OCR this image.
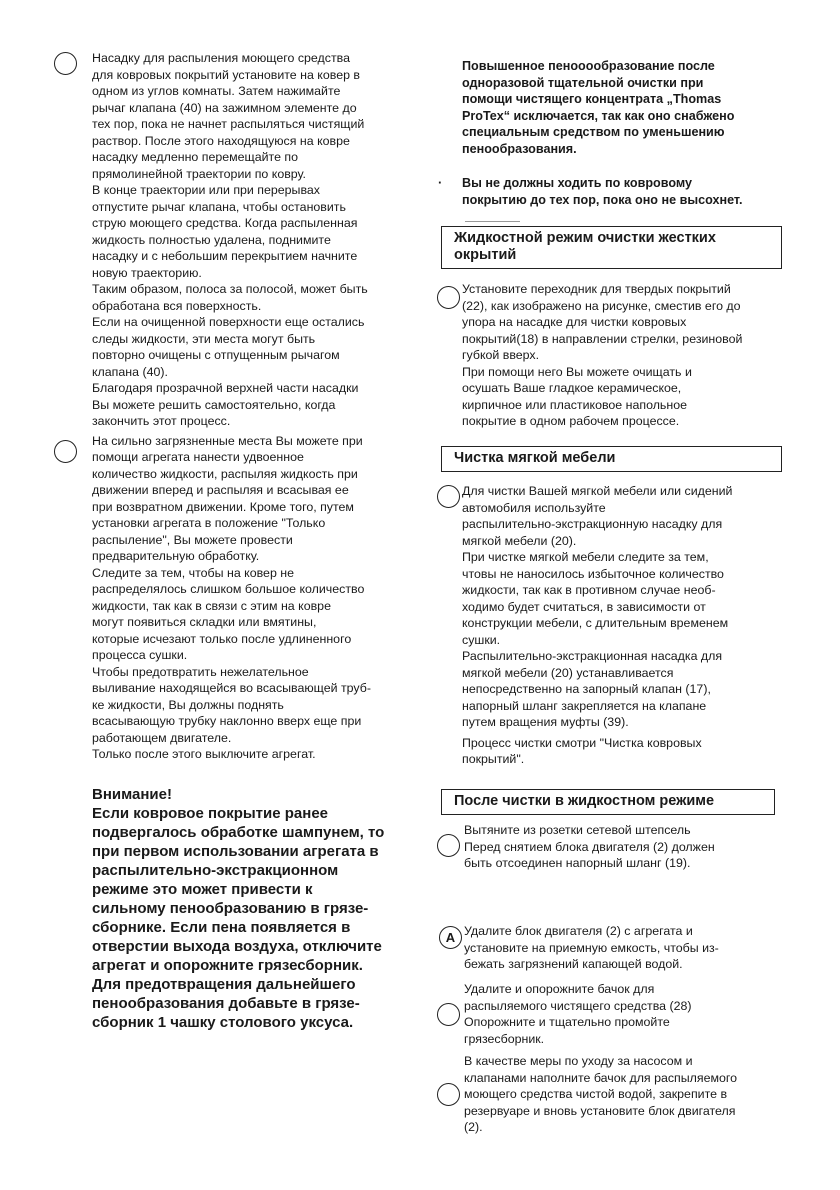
Насадку для распыления моющего средства

для ковровых покрытий установите на ковер в

одном из углов комнаты. Затем нажимайте

рычаг клапана (40) на зажимном элементе до

тех пор, пока не начнет распыляться чистящий

раствор. После этого находящуюся на ковре

насадку медленно перемещайте по

прямолинейной траектории по ковру.

В конце траектории или при перерывах

отпустите рычаг клапана, чтобы остановить

струю моющего средства. Когда распыленная

жидкость полностью удалена, поднимите

насадку и с небольшим перекрытием начните

новую траекторию.

Таким образом, полоса за полосой, может быть

обработана вся поверхность.

Если на очищенной поверхности еще остались

следы жидкости, эти места могут быть

повторно очищены с отпущенным рычагом

клапана (40).

Благодаря прозрачной верхней части насадки

Вы можете решить самостоятельно, когда

закончить этот процесс.

На сильно загрязненные места Вы можете при

помощи агрегата нанести удвоенное

количество жидкости, распыляя жидкость при

движении вперед и распыляя и всасывая ее

при возвратном движении. Кроме того, путем

установки агрегата в положение "Только

распыление", Вы можете провести

предварительную обработку.

Следите за тем, чтобы на ковер не

распределялось слишком большое количество

жидкости, так как в связи с этим на ковре

могут появиться складки или вмятины,

которые исчезают только после удлиненного

процесса сушки.

Чтобы предотвратить нежелательное

выливание находящейся во всасывающей труб-

ке жидкости, Вы должны поднять

всасывающую трубку наклонно вверх еще при

работающем двигателе.

Только после этого выключите агрегат.

Внимание!
Если ковровое покрытие ранее
подвергалось обработке шампунем, то
при первом использовании агрегата в
распылительно-экстракционном
режиме это может привести к
сильному пенообразованию в грязе-
сборнике. Если пена появляется в
отверстии выхода воздуха, отключите
агрегат и опорожните грязесборник.
Для предотвращения дальнейшего
пенообразования добавьте в грязе-
сборник 1 чашку столового уксуса.
Повышенное пенооообразование после
одноразовой тщательной очистки при
помощи чистящего концентрата „Thomas
ProTex“ исключается, так как оно снабжено
специальным средством по уменьшению
пенообразования.
·	Вы не должны ходить по ковровому
покрытию до тех пор, пока оно не высохнет.
Жидкостной режим очистки жестких
окрытий

Установите переходник для твердых покрытий

(22), как изображено на рисунке, сместив его до

упора на насадке для чистки ковровых

покрытий(18) в направлении стрелки, резиновой

губкой вверх.

При помощи него Вы можете очищать и

осушать Ваше гладкое керамическое,

кирпичное или пластиковое напольное

покрытие в одном рабочем процессе.

Чистка мягкой мебели

Для чистки Вашей мягкой мебели или сидений

автомобиля используйте

распылительно-экстракционную насадку для

мягкой мебели (20).

При чистке мягкой мебели следите за тем,

чтовы не наносилось избыточное количество

жидкости, так как в противном случае необ-

ходимо будет считаться, в зависимости от

конструкции мебели, с длительным временем

сушки.

Распылительно-экстракционная насадка для

мягкой мебели (20) устанавливается

непосредственно на запорный клапан (17),

напорный шланг закрепляется на клапане

путем вращения муфты (39).

Процесс чистки смотри "Чистка ковровых

покрытий".

После чистки в жидкостном режиме

Вытяните из розетки сетевой штепсель

Перед снятием блока двигателя (2) должен

быть отсоединен напорный шланг (19).

A Удалите блок двигателя (2) с агрегата и

установите на приемную емкость, чтобы из-

бежать загрязнений капающей водой.

Удалите и опорожните бачок для

распыляемого чистящего средства (28)

Опорожните и тщательно промойте

грязесборник.

В качестве меры по уходу за насосом и

клапанами наполните бачок для распыляемого

моющего средства чистой водой, закрепите в

резервуаре и вновь установите блок двигателя

(2).
